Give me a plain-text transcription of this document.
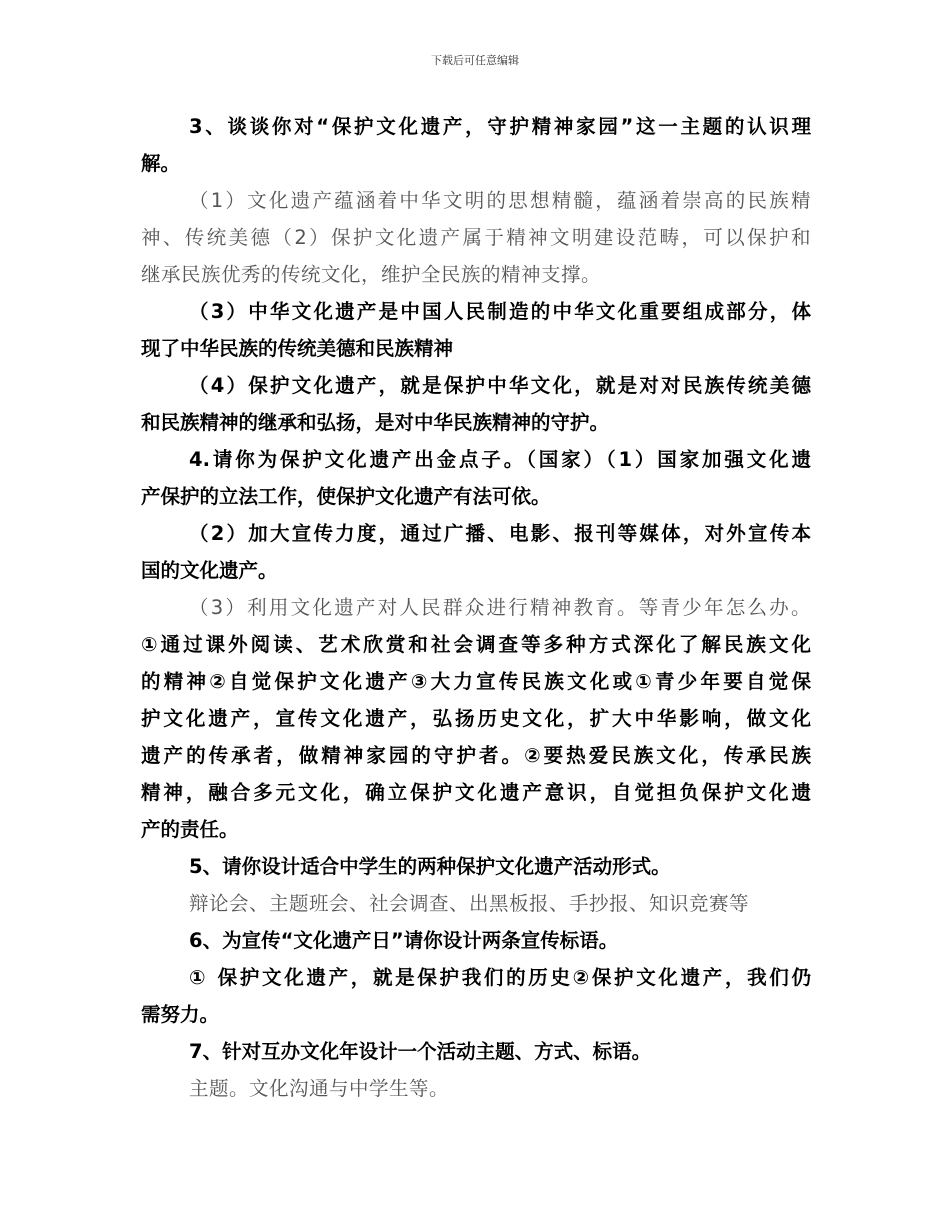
下载后可任意编辑
3、谈谈你对“保护文化遗产，守护精神家园”这一主题的认识理
解。
（1）文化遗产蕴涵着中华文明的思想精髓，蕴涵着崇高的民族精
神、传统美德（2）保护文化遗产属于精神文明建设范畴，可以保护和
继承民族优秀的传统文化，维护全民族的精神支撑。
（3）中华文化遗产是中国人民制造的中华文化重要组成部分，体
现了中华民族的传统美德和民族精神
（4）保护文化遗产，就是保护中华文化，就是对对民族传统美德
和民族精神的继承和弘扬，是对中华民族精神的守护。
4.请你为保护文化遗产出金点子。（国家）（1）国家加强文化遗
产保护的立法工作，使保护文化遗产有法可依。
（2）加大宣传力度，通过广播、电影、报刊等媒体，对外宣传本
国的文化遗产。
（3）利用文化遗产对人民群众进行精神教育。等青少年怎么办。
①通过课外阅读、艺术欣赏和社会调查等多种方式深化了解民族文化
的精神②自觉保护文化遗产③大力宣传民族文化或①青少年要自觉保
护文化遗产，宣传文化遗产，弘扬历史文化，扩大中华影响，做文化
遗产的传承者，做精神家园的守护者。②要热爱民族文化，传承民族
精神，融合多元文化，确立保护文化遗产意识，自觉担负保护文化遗
产的责任。
5、请你设计适合中学生的两种保护文化遗产活动形式。
辩论会、主题班会、社会调查、出黑板报、手抄报、知识竞赛等
6、为宣传“文化遗产日”请你设计两条宣传标语。
① 保护文化遗产，就是保护我们的历史②保护文化遗产，我们仍
需努力。
7、针对互办文化年设计一个活动主题、方式、标语。
主题。文化沟通与中学生等。
